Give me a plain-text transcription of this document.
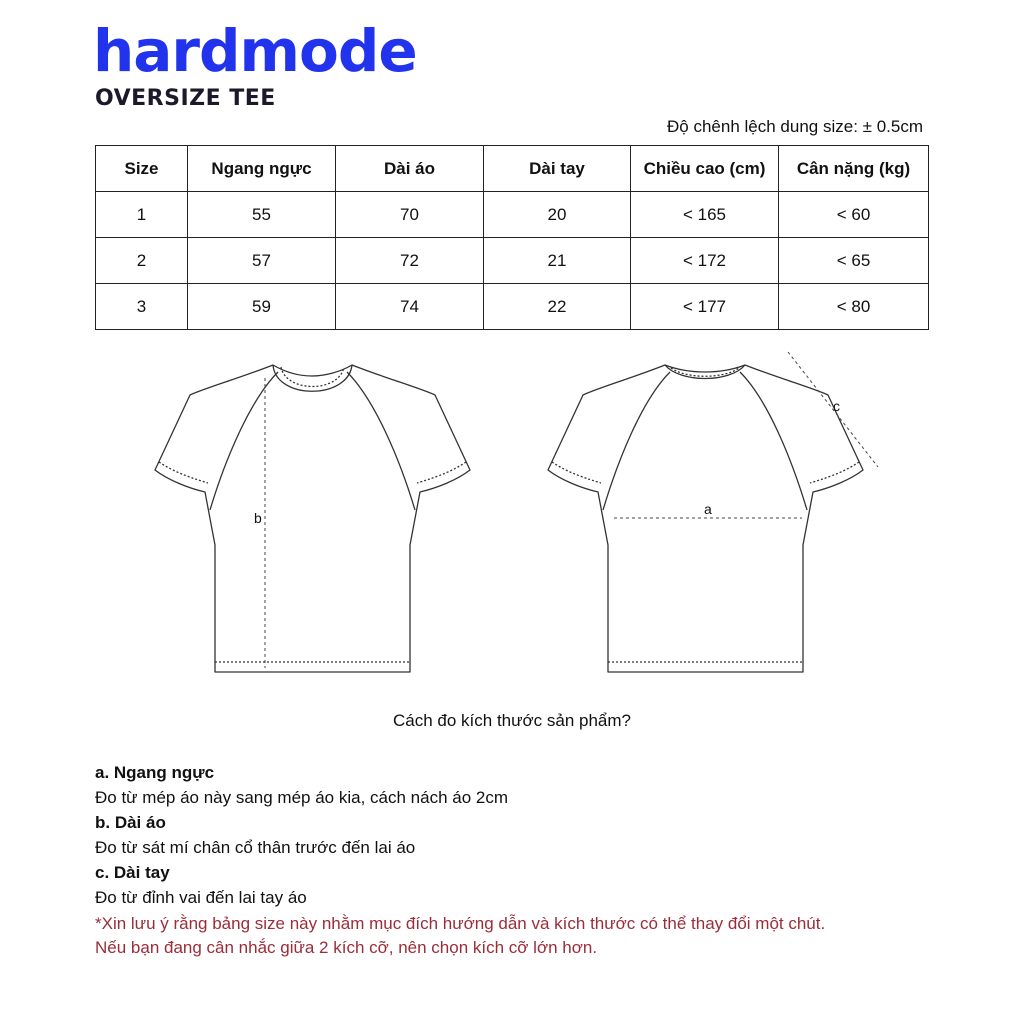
hardmode
OVERSIZE TEE
Độ chênh lệch dung size: ± 0.5cm
Size	Ngang ngực	Dài áo	Dài tay	Chiều cao (cm)	Cân nặng (kg)
1	55	70	20	< 165	< 60
2	57	72	21	< 172	< 65
3	59	74	22	< 177	< 80
b
a
c
Cách đo kích thước sản phẩm?

a. Ngang ngực

Đo từ mép áo này sang mép áo kia, cách nách áo 2cm

b. Dài áo

Đo từ sát mí chân cổ thân trước đến lai áo

c. Dài tay

Đo từ đỉnh vai đến lai tay áo

*Xin lưu ý rằng bảng size này nhằm mục đích hướng dẫn và kích thước có thể thay đổi một chút.

Nếu bạn đang cân nhắc giữa 2 kích cỡ, nên chọn kích cỡ lớn hơn.
